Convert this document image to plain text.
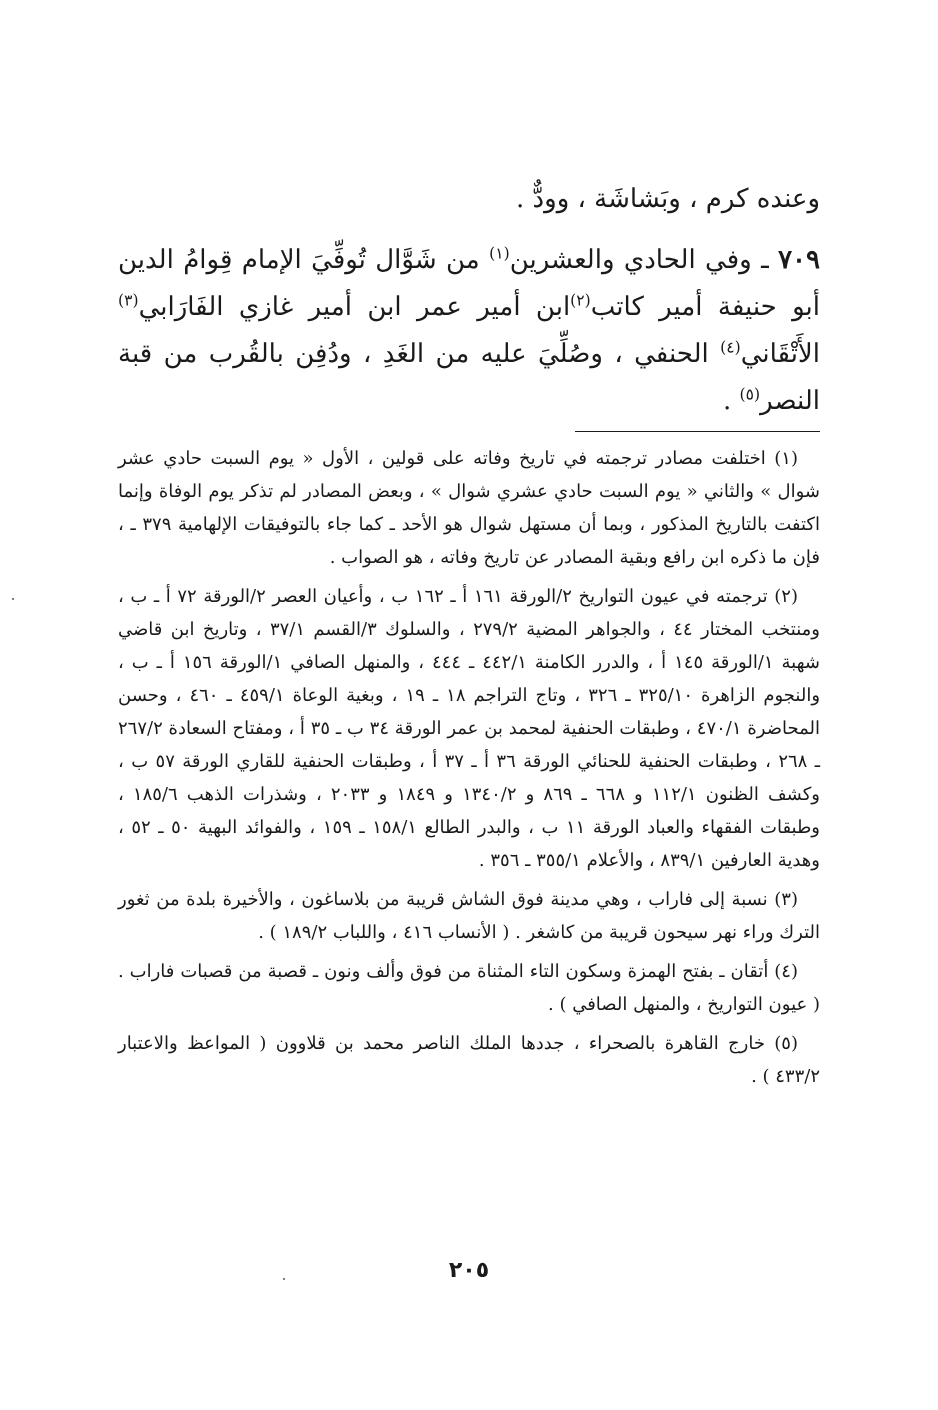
وعنده كرم ، وبَشاشَة ، وودٌّ .

٧٠٩ ـ وفي الحادي والعشرين$^{(١)}$ من شَوَّال تُوفِّيَ الإمام قِوامُ الدين أبو حنيفة أمير كاتب$^{(٢)}$ابن أمير عمر ابن أمير غازي الفَارَابي$^{(٣)}$ الأَتْقَاني$^{(٤)}$ الحنفي ، وصُلِّيَ عليه من الغَدِ ، ودُفِن بالقُرب من قبة النصر$^{(٥)}$ .

(١) اختلفت مصادر ترجمته في تاريخ وفاته على قولين ، الأول « يوم السبت حادي عشر شوال » والثاني « يوم السبت حادي عشري شوال » ، وبعض المصادر لم تذكر يوم الوفاة وإنما اكتفت بالتاريخ المذكور ، وبما أن مستهل شوال هو الأحد ـ كما جاء بالتوفيقات الإلهامية ٣٧٩ ـ ، فإن ما ذكره ابن رافع وبقية المصادر عن تاريخ وفاته ، هو الصواب .

(٢) ترجمته في عيون التواريخ ٢/الورقة ١٦١ أ ـ ١٦٢ ب ، وأعيان العصر ٢/الورقة ٧٢ أ ـ ب ، ومنتخب المختار ٤٤ ، والجواهر المضية ٢٧٩/٢ ، والسلوك ٣/القسم ٣٧/١ ، وتاريخ ابن قاضي شهبة ١/الورقة ١٤٥ أ ، والدرر الكامنة ٤٤٢/١ ـ ٤٤٤ ، والمنهل الصافي ١/الورقة ١٥٦ أ ـ ب ، والنجوم الزاهرة ٣٢٥/١٠ ـ ٣٢٦ ، وتاج التراجم ١٨ ـ ١٩ ، وبغية الوعاة ٤٥٩/١ ـ ٤٦٠ ، وحسن المحاضرة ٤٧٠/١ ، وطبقات الحنفية لمحمد بن عمر الورقة ٣٤ ب ـ ٣٥ أ ، ومفتاح السعادة ٢٦٧/٢ ـ ٢٦٨ ، وطبقات الحنفية للحنائي الورقة ٣٦ أ ـ ٣٧ أ ، وطبقات الحنفية للقاري الورقة ٥٧ ب ، وكشف الظنون ١١٢/١ و ٦٦٨ ـ ٨٦٩ و ١٣٤٠/٢ و ١٨٤٩ و ٢٠٣٣ ، وشذرات الذهب ١٨٥/٦ ، وطبقات الفقهاء والعباد الورقة ١١ ب ، والبدر الطالع ١٥٨/١ ـ ١٥٩ ، والفوائد البهية ٥٠ ـ ٥٢ ، وهدية العارفين ٨٣٩/١ ، والأعلام ٣٥٥/١ ـ ٣٥٦ .

(٣) نسبة إلى فاراب ، وهي مدينة فوق الشاش قريبة من بلاساغون ، والأخيرة بلدة من ثغور الترك وراء نهر سيحون قريبة من كاشغر . ( الأنساب ٤١٦ ، واللباب ١٨٩/٢ ) .

(٤) أتقان ـ بفتح الهمزة وسكون التاء المثناة من فوق وألف ونون ـ قصبة من قصبات فاراب . ( عيون التواريخ ، والمنهل الصافي ) .

(٥) خارج القاهرة بالصحراء ، جددها الملك الناصر محمد بن قلاوون ( المواعظ والاعتبار ٤٣٣/٢ ) .

٢٠٥
